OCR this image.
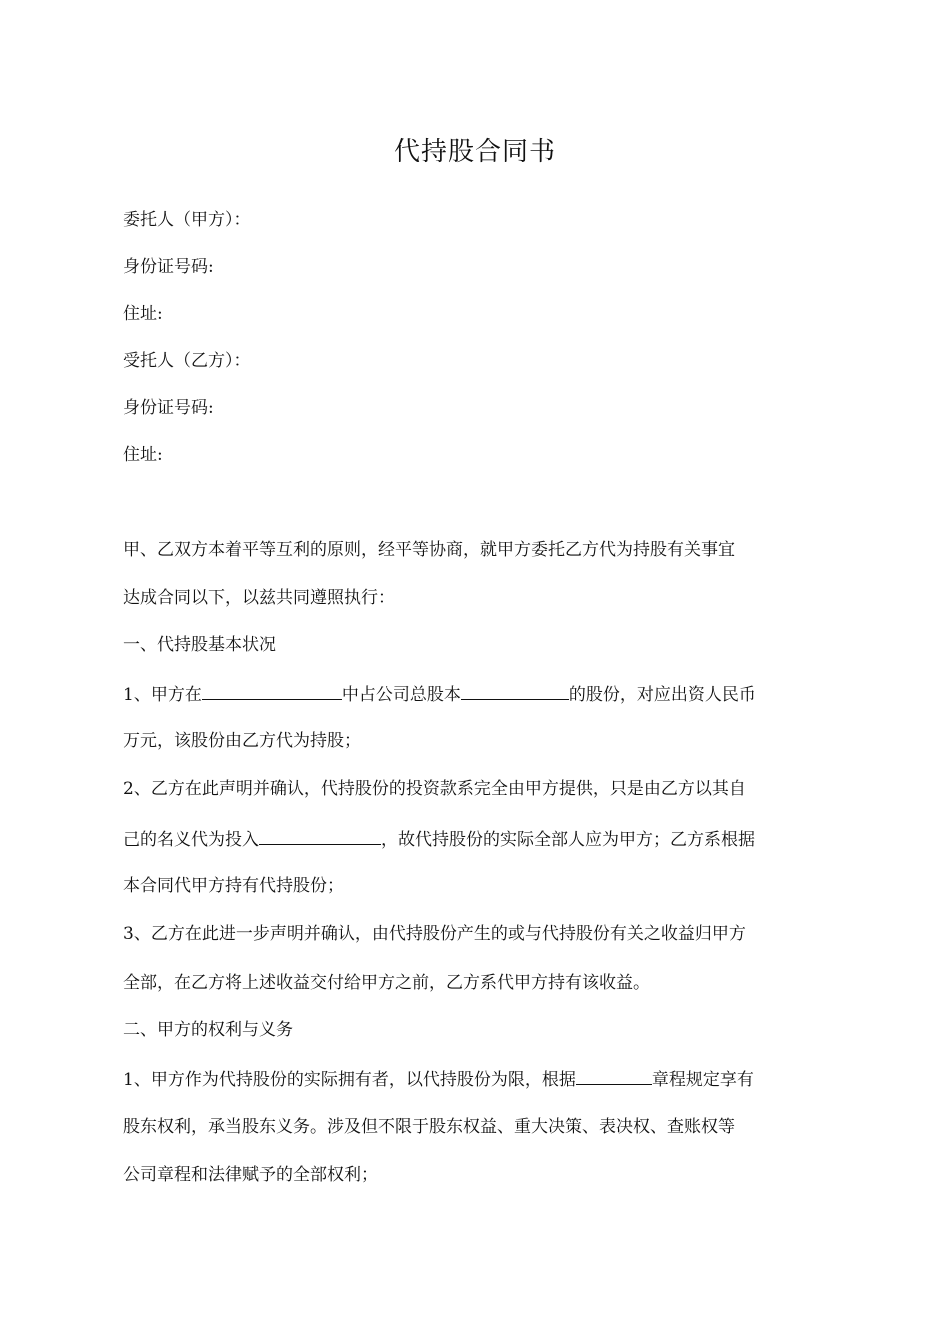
代持股合同书
委托人（甲方）：
身份证号码:
住址:
受托人（乙方）：
身份证号码:
住址:
甲、乙双方本着平等互利的原则，经平等协商，就甲方委托乙方代为持股有关事宜
达成合同以下，以兹共同遵照执行：
一、代持股基本状况
1、甲方在	中占公司总股本	的股份，对应出资人民币
万元，该股份由乙方代为持股；
2、乙方在此声明并确认，代持股份的投资款系完全由甲方提供，只是由乙方以其自
己的名义代为投入	，故代持股份的实际全部人应为甲方；乙方系根据
本合同代甲方持有代持股份；
3、乙方在此进一步声明并确认，由代持股份产生的或与代持股份有关之收益归甲方
全部，在乙方将上述收益交付给甲方之前，乙方系代甲方持有该收益。
二、甲方的权利与义务
1、甲方作为代持股份的实际拥有者，以代持股份为限，根据	章程规定享有
股东权利，承当股东义务。涉及但不限于股东权益、重大决策、表决权、查账权等
公司章程和法律赋予的全部权利；
